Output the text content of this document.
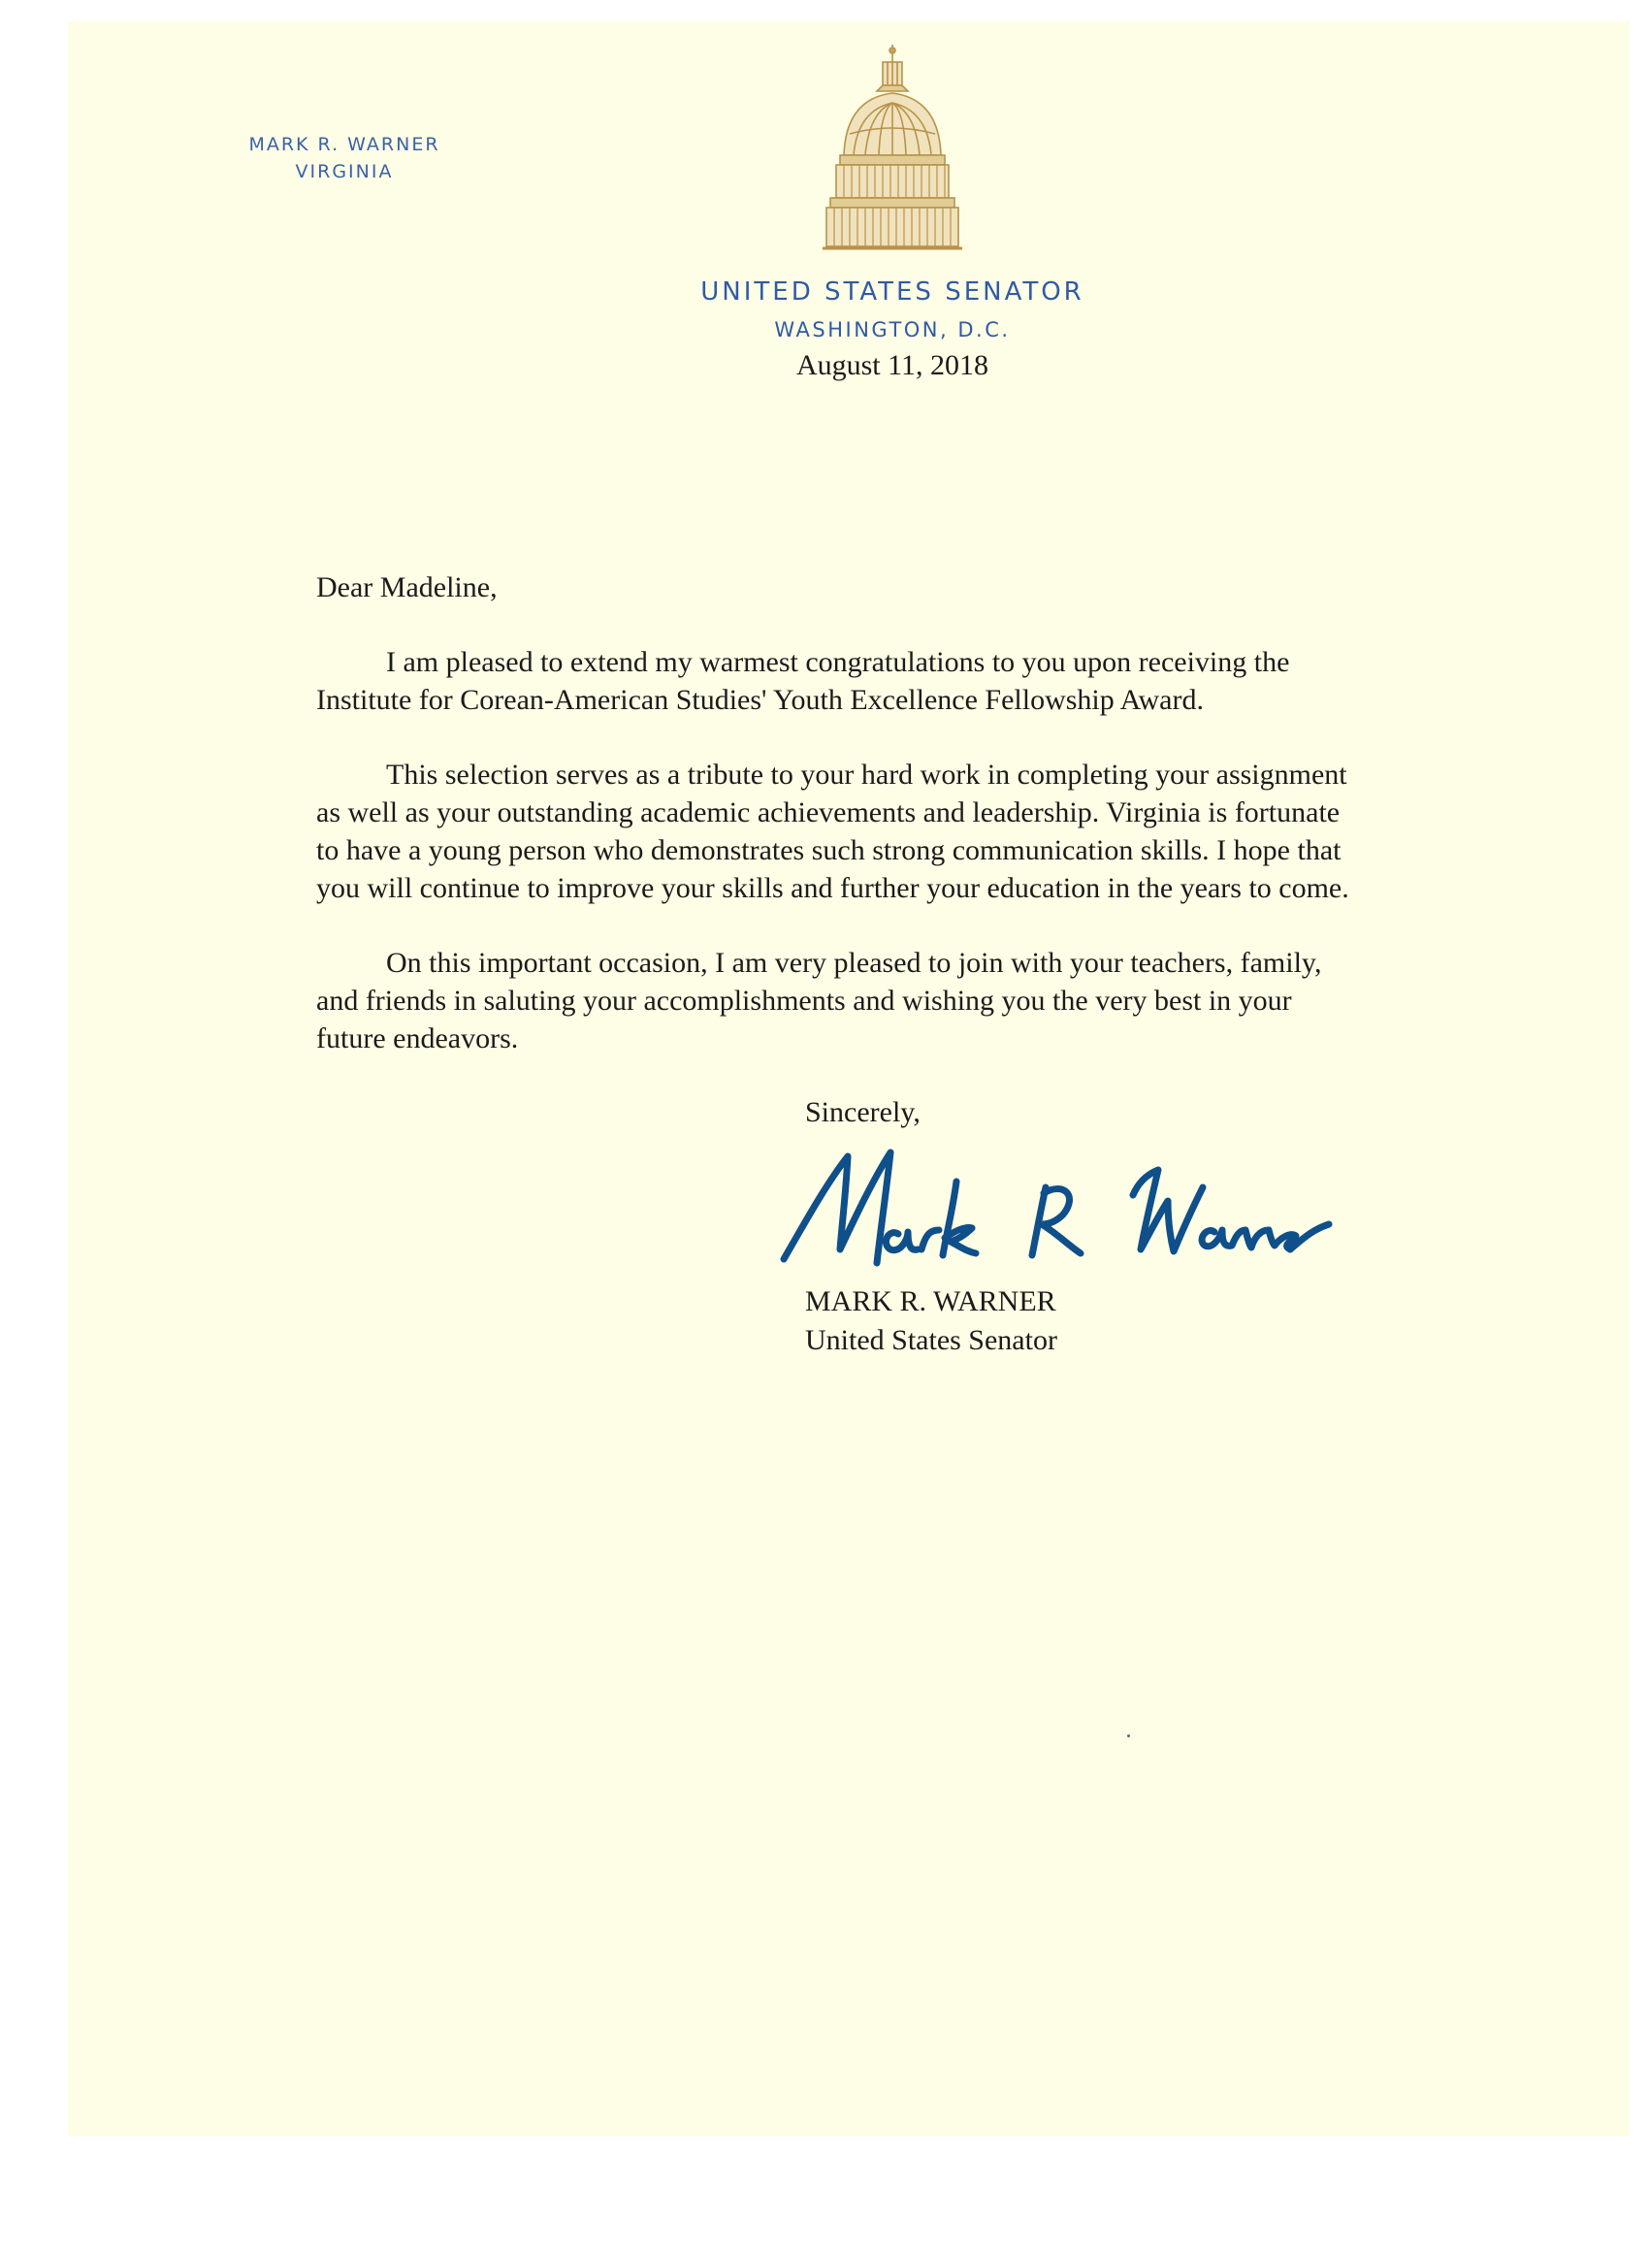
MARK R. WARNER
VIRGINIA
UNITED STATES SENATOR
WASHINGTON, D.C.
August 11, 2018

Dear Madeline,

I am pleased to extend my warmest congratulations to you upon receiving the
Institute for Corean-American Studies' Youth Excellence Fellowship Award.

This selection serves as a tribute to your hard work in completing your assignment
as well as your outstanding academic achievements and leadership. Virginia is fortunate
to have a young person who demonstrates such strong communication skills. I hope that
you will continue to improve your skills and further your education in the years to come.

On this important occasion, I am very pleased to join with your teachers, family,
and friends in saluting your accomplishments and wishing you the very best in your
future endeavors.

Sincerely,
MARK R. WARNER
United States Senator
